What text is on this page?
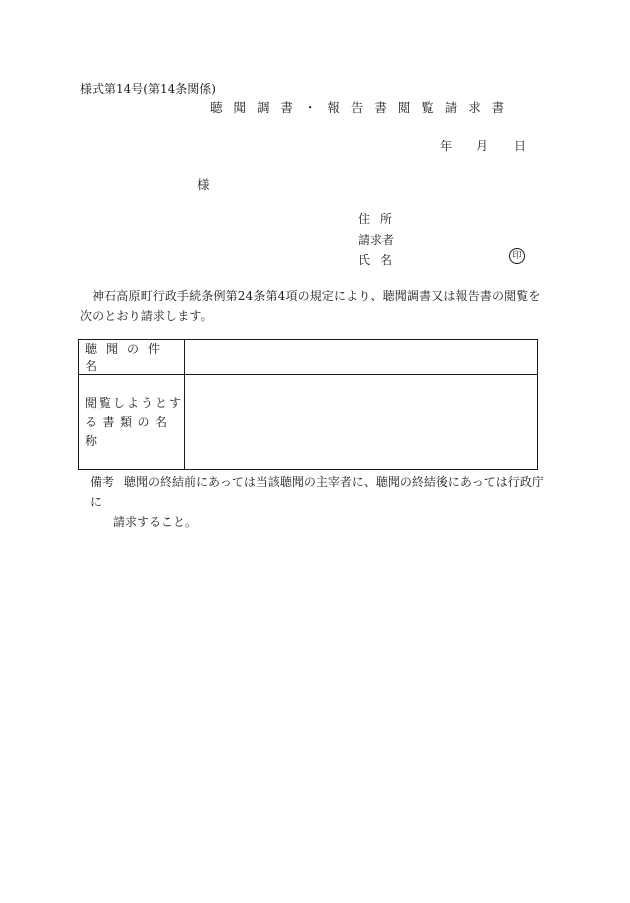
様式第14号(第14条関係)
聴 聞 調 書 ・ 報 告 書 閲 覧 請 求 書
年 月 日
様
住所
請求者
氏名	印
神石高原町行政手続条例第24条第4項の規定により、聴聞調書又は報告書の閲覧を次のとおり請求します。
聴聞の件名	

閲覧しようとす
る書類の名称	

備考 聴聞の終結前にあっては当該聴聞の主宰者に、聴聞の終結後にあっては行政庁に
請求すること。
